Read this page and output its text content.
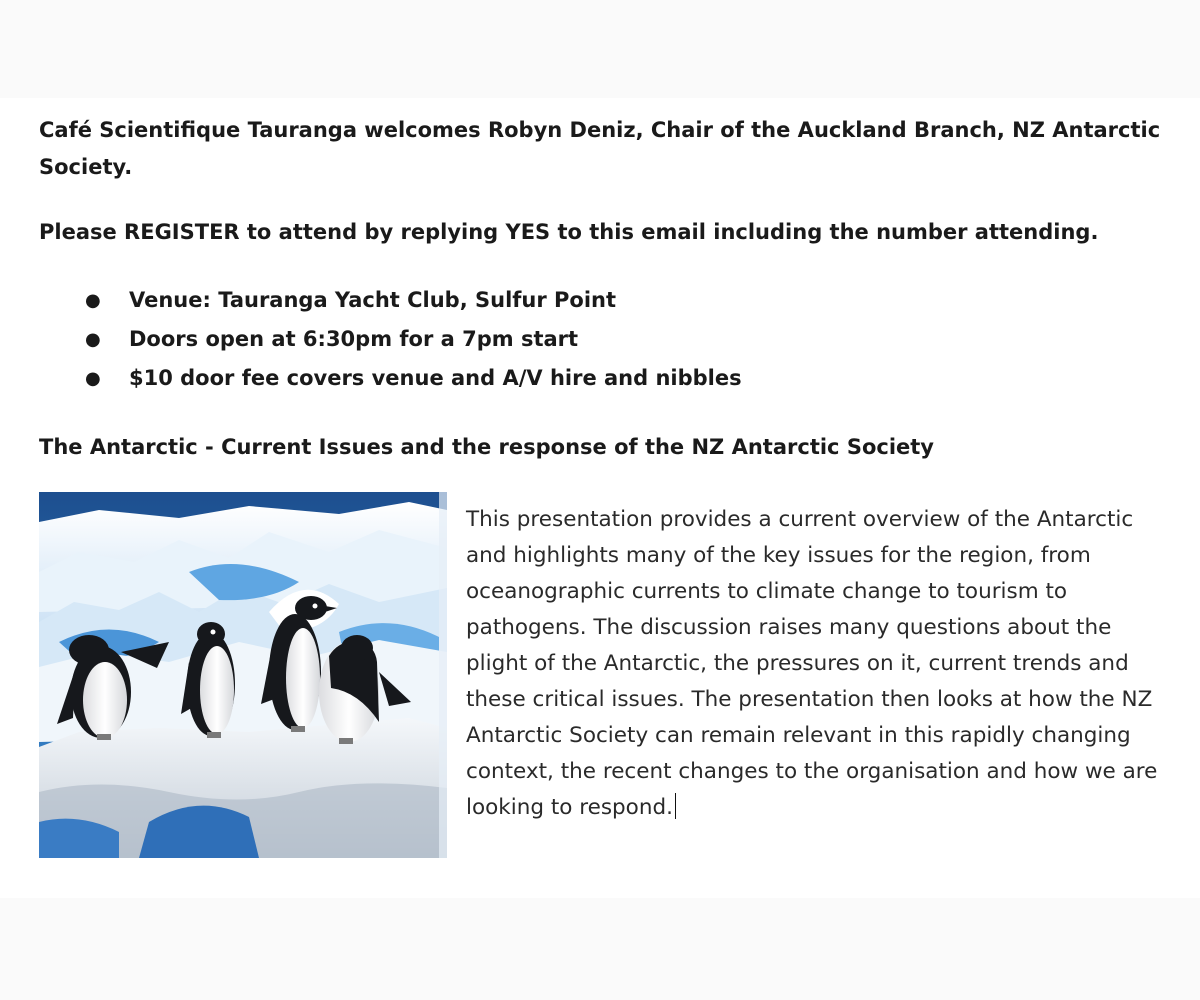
Café Scientifique Tauranga welcomes Robyn Deniz, Chair of the Auckland Branch, NZ Antarctic Society.

Please REGISTER to attend by replying YES to this email including the number attending.

● Venue: Tauranga Yacht Club, Sulfur Point
● Doors open at 6:30pm for a 7pm start
● $10 door fee covers venue and A/V hire and nibbles

The Antarctic - Current Issues and the response of the NZ Antarctic Society

This presentation provides a current overview of the Antarctic and highlights many of the key issues for the region, from oceanographic currents to climate change to tourism to pathogens. The discussion raises many questions about the plight of the Antarctic, the pressures on it, current trends and these critical issues. The presentation then looks at how the NZ Antarctic Society can remain relevant in this rapidly changing context, the recent changes to the organisation and how we are looking to respond.
